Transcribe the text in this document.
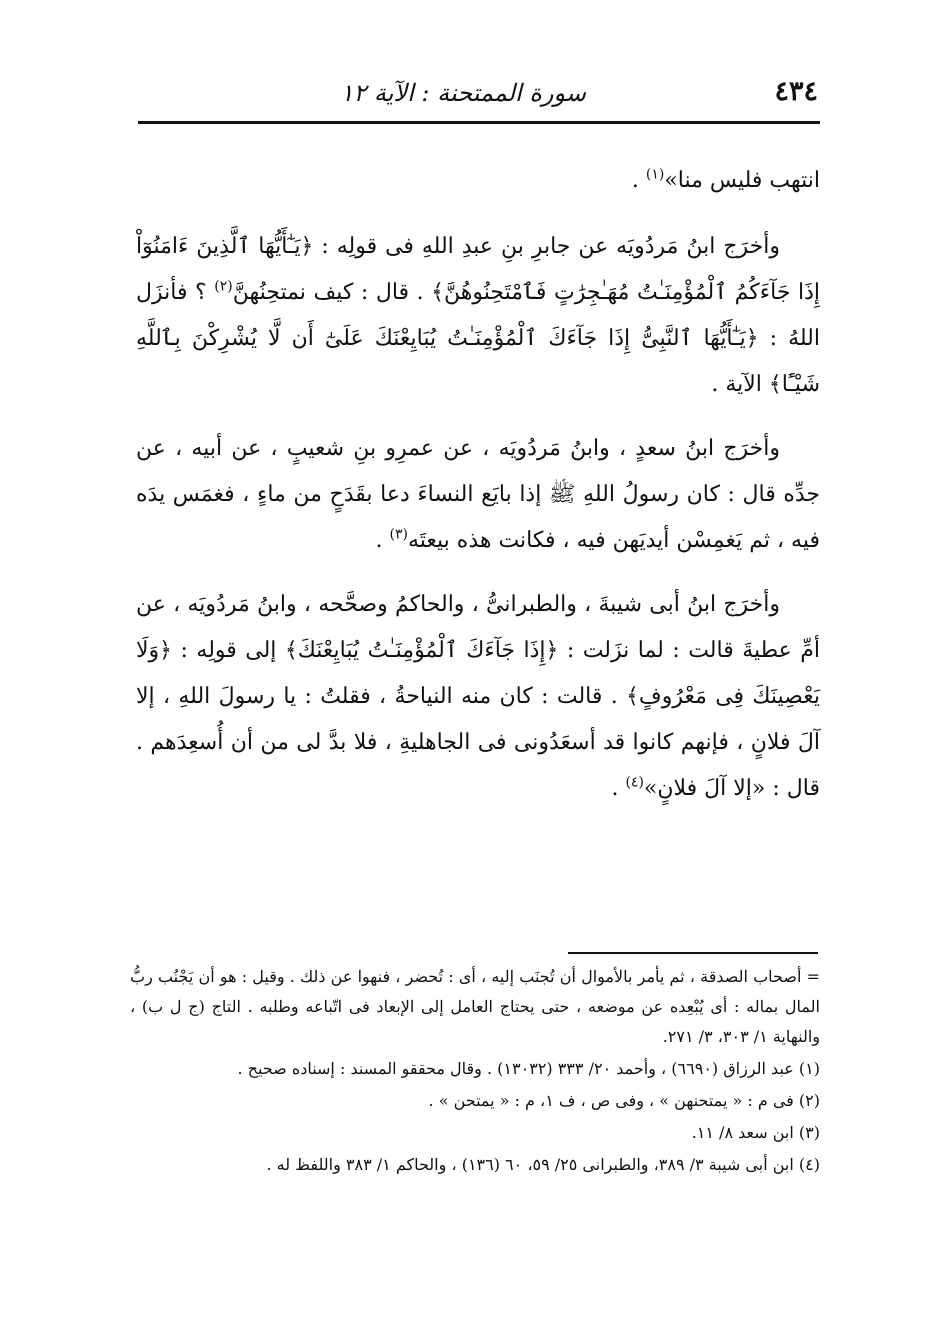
٤٣٤
سورة الممتحنة : الآية ١٢

انتهب فليس منا»$^{(١)}$ .

وأخرَج ابنُ مَردُويَه عن جابرِ بنِ عبدِ اللهِ فى قولِه : ﴿يَـٰٓأَيُّهَا ٱلَّذِينَ ءَامَنُوٓاْ إِذَا جَآءَكُمُ ٱلْمُؤْمِنَـٰتُ مُهَـٰجِرَٰتٍ فَٱمْتَحِنُوهُنَّ﴾ . قال : كيف نمتحِنُهنَّ$^{(٢)}$ ؟ فأنزَل اللهُ : ﴿يَـٰٓأَيُّهَا ٱلنَّبِىُّ إِذَا جَآءَكَ ٱلْمُؤْمِنَـٰتُ يُبَايِعْنَكَ عَلَىٰٓ أَن لَّا يُشْرِكْنَ بِٱللَّهِ شَيْـًٔا﴾ الآية .

وأخرَج ابنُ سعدٍ ، وابنُ مَردُويَه ، عن عمرِو بنِ شعيبٍ ، عن أبيه ، عن جدِّه قال : كان رسولُ اللهِ ﷺ إذا بايَع النساءَ دعا بقَدَحٍ من ماءٍ ، فغمَس يدَه فيه ، ثم يَغمِسْن أيديَهن فيه ، فكانت هذه بيعتَه$^{(٣)}$ .

وأخرَج ابنُ أبى شيبةَ ، والطبرانىُّ ، والحاكمُ وصحَّحه ، وابنُ مَردُويَه ، عن أمِّ عطيةَ قالت : لما نزَلت : ﴿إِذَا جَآءَكَ ٱلْمُؤْمِنَـٰتُ يُبَايِعْنَكَ﴾ إلى قولِه : ﴿وَلَا يَعْصِينَكَ فِى مَعْرُوفٍ﴾ . قالت : كان منه النياحةُ ، فقلتُ : يا رسولَ اللهِ ، إلا آلَ فلانٍ ، فإنهم كانوا قد أسعَدُونى فى الجاهليةِ ، فلا بدَّ لى من أن أُسعِدَهم . قال : «إلا آلَ فلانٍ»$^{(٤)}$ .

= أصحاب الصدقة ، ثم يأمر بالأموال أن تُجنَب إليه ، أى : تُحضر ، فنهوا عن ذلك . وقيل : هو أن يَجْنُب ربُّ المال بماله : أى يُبْعِده عن موضعه ، حتى يحتاج العامل إلى الإبعاد فى اتّباعه وطلبه . التاج (ج ل ب) ، والنهاية ١/ ٣٠٣، ٣/ ٢٧١.

(١) عبد الرزاق (٦٦٩٠) ، وأحمد ٢٠/ ٣٣٣ (١٣٠٣٢) . وقال محققو المسند : إسناده صحيح .

(٢) فى م : « يمتحنهن » ، وفى ص ، ف ١، م : « يمتحن » .

(٣) ابن سعد ٨/ ١١.

(٤) ابن أبى شيبة ٣/ ٣٨٩، والطبرانى ٢٥/ ٥٩، ٦٠ (١٣٦) ، والحاكم ١/ ٣٨٣ واللفظ له .
